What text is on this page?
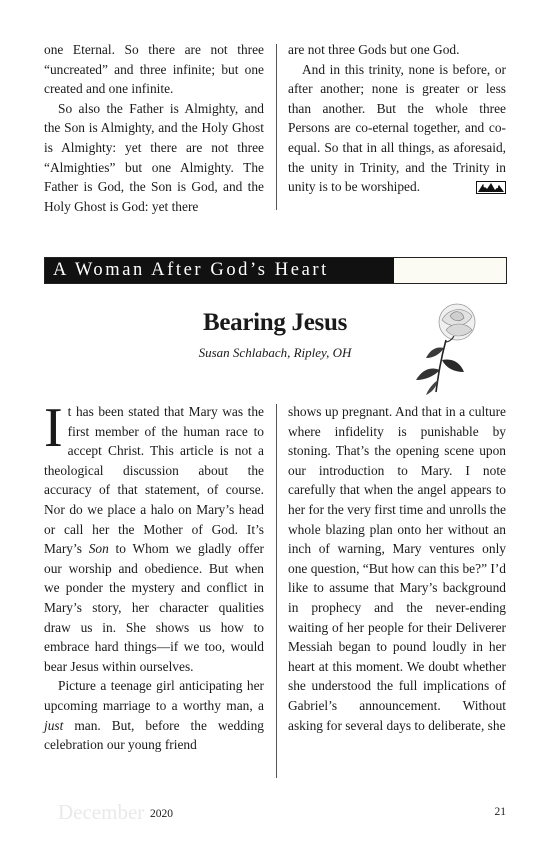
one Eternal. So there are not three “uncreated” and three infinite; but one created and one infinite.

So also the Father is Almighty, and the Son is Almighty, and the Holy Ghost is Almighty: yet there are not three “Almighties” but one Almighty. The Father is God, the Son is God, and the Holy Ghost is God: yet there

are not three Gods but one God.

And in this trinity, none is before, or after another; none is greater or less than another. But the whole three Persons are co-eternal together, and co-equal. So that in all things, as aforesaid, the unity in Trinity, and the Trinity in unity is to be worshiped.

A Woman After God’s Heart
Bearing Jesus
Susan Schlabach, Ripley, OH

It has been stated that Mary was the first member of the human race to accept Christ. This article is not a theological discussion about the accuracy of that statement, of course. Nor do we place a halo on Mary’s head or call her the Mother of God. It’s Mary’s Son to Whom we gladly offer our worship and obedience. But when we ponder the mystery and conflict in Mary’s story, her character qualities draw us in. She shows us how to embrace hard things—if we too, would bear Jesus within ourselves.

Picture a teenage girl anticipating her upcoming marriage to a worthy man, a just man. But, before the wedding celebration our young friend

shows up pregnant. And that in a culture where infidelity is punishable by stoning. That’s the opening scene upon our introduction to Mary. I note carefully that when the angel appears to her for the very first time and unrolls the whole blazing plan onto her without an inch of warning, Mary ventures only one question, “But how can this be?” I’d like to assume that Mary’s background in prophecy and the never-ending waiting of her people for their Deliverer Messiah began to pound loudly in her heart at this moment. We doubt whether she understood the full implications of Gabriel’s announcement. Without asking for several days to deliberate, she

December 2020	21
